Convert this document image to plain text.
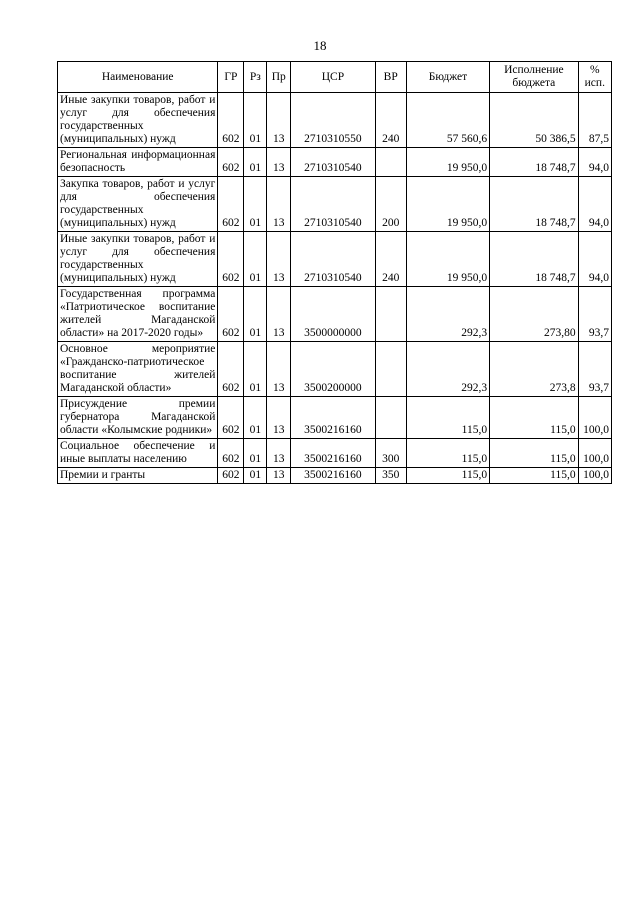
18
Наименование	ГР	Рз	Пр	ЦСР	ВР	Бюджет	Исполнение бюджета	% исп.
Иные закупки товаров, работ и услуг для обеспечения государственных (муниципальных) нужд	602	01	13	2710310550	240	57 560,6	50 386,5	87,5
Региональная информационная безопасность	602	01	13	2710310540		19 950,0	18 748,7	94,0
Закупка товаров, работ и услуг для обеспечения государственных (муниципальных) нужд	602	01	13	2710310540	200	19 950,0	18 748,7	94,0
Иные закупки товаров, работ и услуг для обеспечения государственных (муниципальных) нужд	602	01	13	2710310540	240	19 950,0	18 748,7	94,0
Государственная программа «Патриотическое воспитание жителей Магаданской области» на 2017-2020 годы»	602	01	13	3500000000		292,3	273,80	93,7
Основное мероприятие «Гражданско-патриотическое воспитание жителей Магаданской области»	602	01	13	3500200000		292,3	273,8	93,7
Присуждение премии губернатора Магаданской области «Колымские родники»	602	01	13	3500216160		115,0	115,0	100,0
Социальное обеспечение и иные выплаты населению	602	01	13	3500216160	300	115,0	115,0	100,0
Премии и гранты	602	01	13	3500216160	350	115,0	115,0	100,0
